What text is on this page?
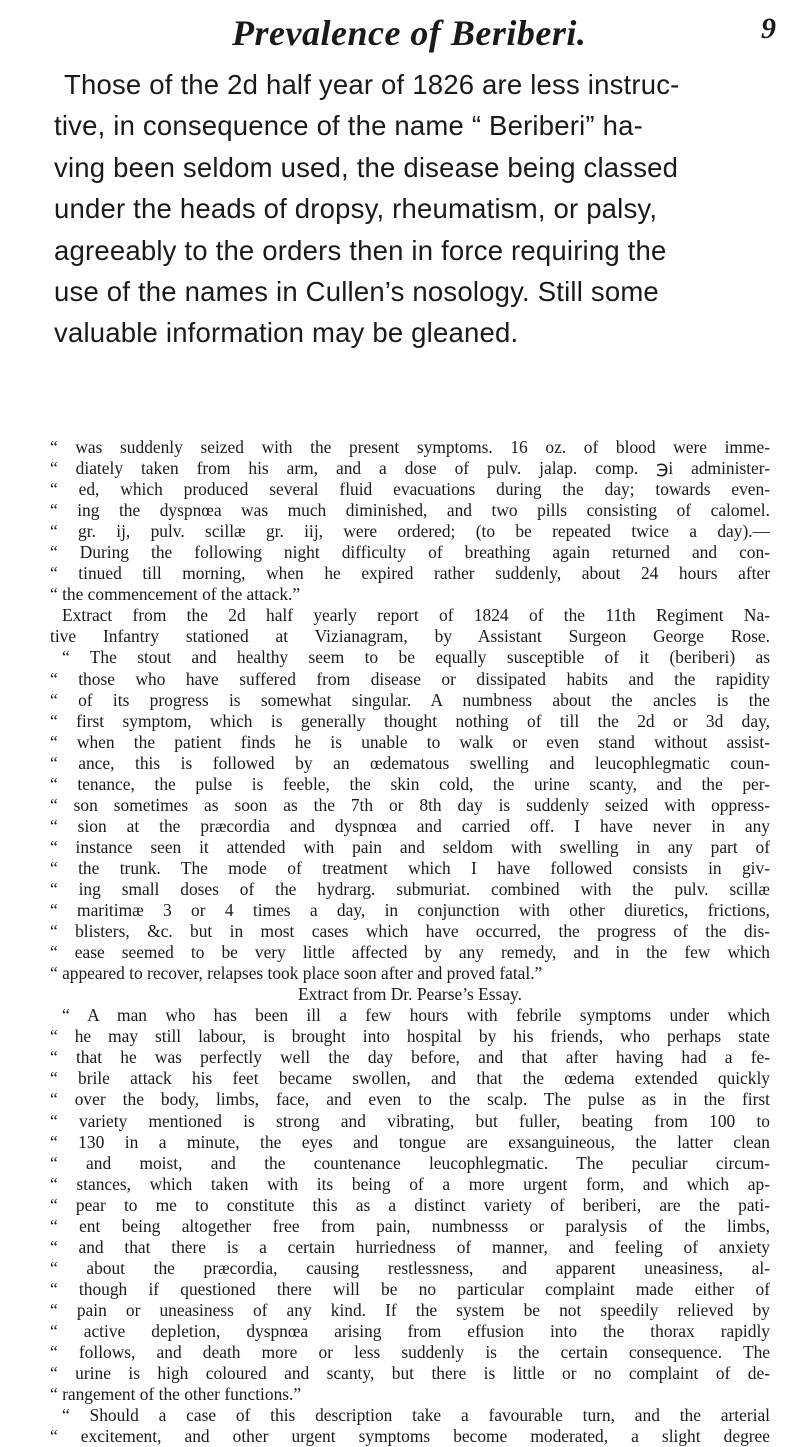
Prevalence of Beriberi.	9
Those of the 2d half year of 1826 are less instruc-
tive, in consequence of the name “ Beriberi” ha-
ving been seldom used, the disease being classed
under the heads of dropsy, rheumatism, or palsy,
agreeably to the orders then in force requiring the
use of the names in Cullen’s nosology. Still some
valuable information may be gleaned.
“ was suddenly seized with the present symptoms. 16 oz. of blood were imme-
“ diately taken from his arm, and a dose of pulv. jalap. comp. ℈i administer-
“ ed, which produced several fluid evacuations during the day; towards even-
“ ing the dyspnœa was much diminished, and two pills consisting of calomel.
“ gr. ij, pulv. scillæ gr. iij, were ordered; (to be repeated twice a day).—
“ During the following night difficulty of breathing again returned and con-
“ tinued till morning, when he expired rather suddenly, about 24 hours after
“ the commencement of the attack.”
Extract from the 2d half yearly report of 1824 of the 11th Regiment Na-
tive Infantry stationed at Vizianagram, by Assistant Surgeon George Rose.
“ The stout and healthy seem to be equally susceptible of it (beriberi) as
“ those who have suffered from disease or dissipated habits and the rapidity
“ of its progress is somewhat singular. A numbness about the ancles is the
“ first symptom, which is generally thought nothing of till the 2d or 3d day,
“ when the patient finds he is unable to walk or even stand without assist-
“ ance, this is followed by an œdematous swelling and leucophlegmatic coun-
“ tenance, the pulse is feeble, the skin cold, the urine scanty, and the per-
“ son sometimes as soon as the 7th or 8th day is suddenly seized with oppress-
“ sion at the præcordia and dyspnœa and carried off. I have never in any
“ instance seen it attended with pain and seldom with swelling in any part of
“ the trunk. The mode of treatment which I have followed consists in giv-
“ ing small doses of the hydrarg. submuriat. combined with the pulv. scillæ
“ maritimæ 3 or 4 times a day, in conjunction with other diuretics, frictions,
“ blisters, &c. but in most cases which have occurred, the progress of the dis-
“ ease seemed to be very little affected by any remedy, and in the few which
“ appeared to recover, relapses took place soon after and proved fatal.”
Extract from Dr. Pearse’s Essay.
“ A man who has been ill a few hours with febrile symptoms under which
“ he may still labour, is brought into hospital by his friends, who perhaps state
“ that he was perfectly well the day before, and that after having had a fe-
“ brile attack his feet became swollen, and that the œdema extended quickly
“ over the body, limbs, face, and even to the scalp. The pulse as in the first
“ variety mentioned is strong and vibrating, but fuller, beating from 100 to
“ 130 in a minute, the eyes and tongue are exsanguineous, the latter clean
“ and moist, and the countenance leucophlegmatic. The peculiar circum-
“ stances, which taken with its being of a more urgent form, and which ap-
“ pear to me to constitute this as a distinct variety of beriberi, are the pati-
“ ent being altogether free from pain, numbnesss or paralysis of the limbs,
“ and that there is a certain hurriedness of manner, and feeling of anxiety
“ about the præcordia, causing restlessness, and apparent uneasiness, al-
“ though if questioned there will be no particular complaint made either of
“ pain or uneasiness of any kind. If the system be not speedily relieved by
“ active depletion, dyspnœa arising from effusion into the thorax rapidly
“ follows, and death more or less suddenly is the certain consequence. The
“ urine is high coloured and scanty, but there is little or no complaint of de-
“ rangement of the other functions.”
“ Should a case of this description take a favourable turn, and the arterial
“ excitement, and other urgent symptoms become moderated, a slight degree
